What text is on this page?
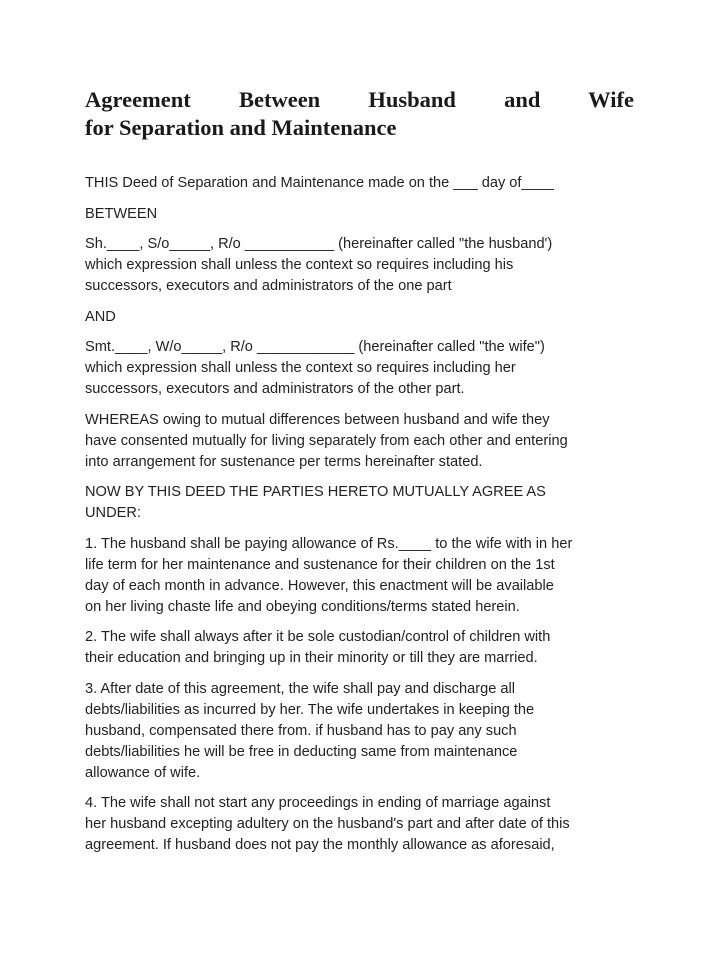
Agreement Between Husband and Wife
for Separation and Maintenance
THIS Deed of Separation and Maintenance made on the ___ day of____
BETWEEN
Sh.____, S/o_____, R/o ___________ (hereinafter called "the husband')
which expression shall unless the context so requires including his
successors, executors and administrators of the one part
AND
Smt.____, W/o_____, R/o ____________ (hereinafter called "the wife")
which expression shall unless the context so requires including her
successors, executors and administrators of the other part.
WHEREAS owing to mutual differences between husband and wife they
have consented mutually for living separately from each other and entering
into arrangement for sustenance per terms hereinafter stated.
NOW BY THIS DEED THE PARTIES HERETO MUTUALLY AGREE AS
UNDER:
1. The husband shall be paying allowance of Rs.____ to the wife with in her
life term for her maintenance and sustenance for their children on the 1st
day of each month in advance. However, this enactment will be available
on her living chaste life and obeying conditions/terms stated herein.
2. The wife shall always after it be sole custodian/control of children with
their education and bringing up in their minority or till they are married.
3. After date of this agreement, the wife shall pay and discharge all
debts/liabilities as incurred by her. The wife undertakes in keeping the
husband, compensated there from. if husband has to pay any such
debts/liabilities he will be free in deducting same from maintenance
allowance of wife.
4. The wife shall not start any proceedings in ending of marriage against
her husband excepting adultery on the husband's part and after date of this
agreement. If husband does not pay the monthly allowance as aforesaid,
